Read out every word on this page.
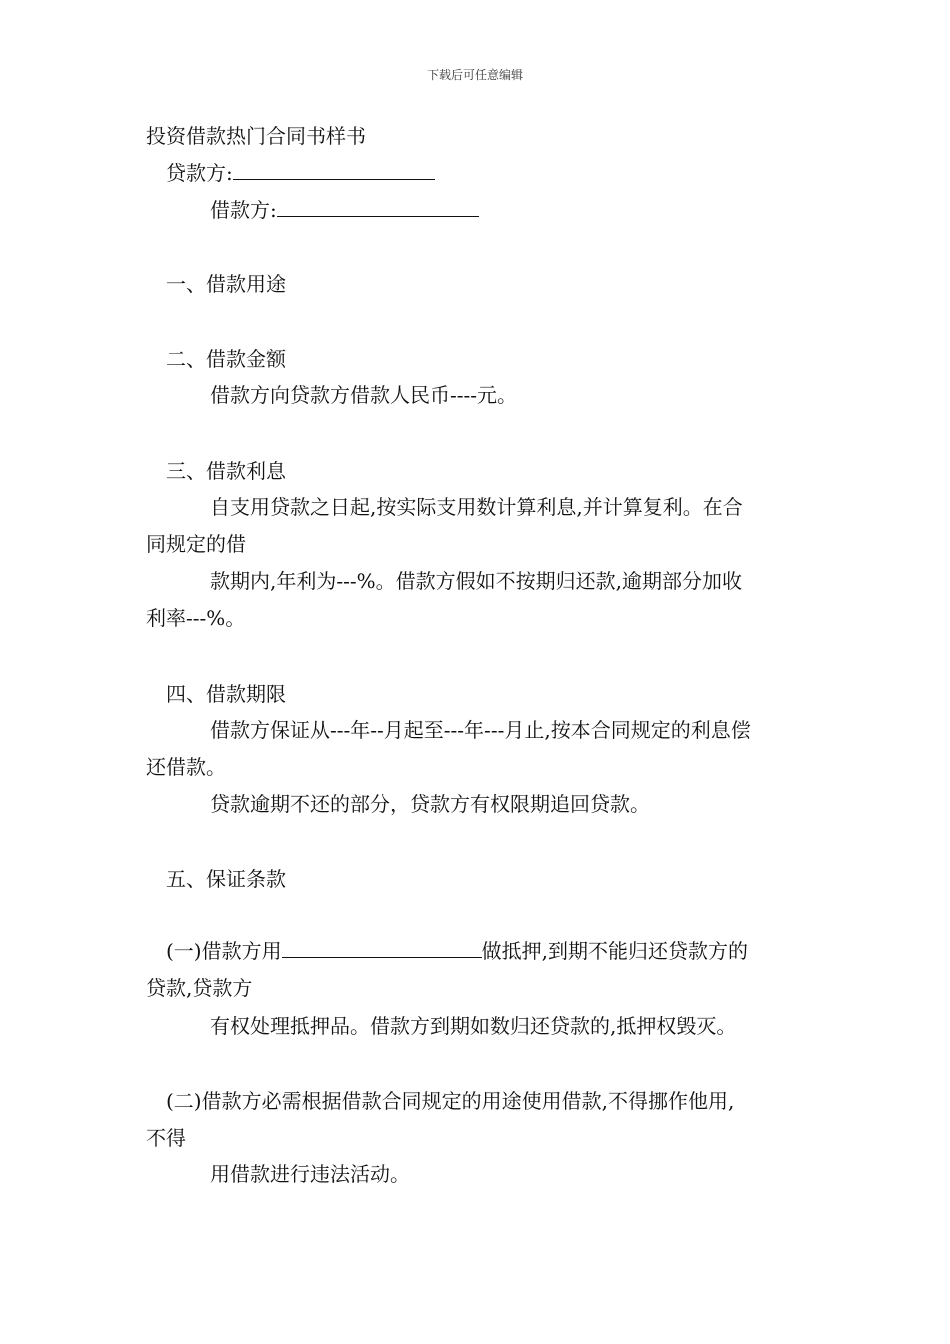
下载后可任意编辑
投资借款热门合同书样书
贷款方:
借款方:
一、借款用途
二、借款金额
借款方向贷款方借款人民币----元。
三、借款利息
自支用贷款之日起,按实际支用数计算利息,并计算复利。在合
同规定的借
款期内,年利为---%。借款方假如不按期归还款,逾期部分加收
利率---%。
四、借款期限
借款方保证从---年--月起至---年---月止,按本合同规定的利息偿
还借款。
贷款逾期不还的部分，贷款方有权限期追回贷款。
五、保证条款
(一)借款方用	做抵押,到期不能归还贷款方的
贷款,贷款方
有权处理抵押品。借款方到期如数归还贷款的,抵押权毁灭。
(二)借款方必需根据借款合同规定的用途使用借款,不得挪作他用,
不得
用借款进行违法活动。
